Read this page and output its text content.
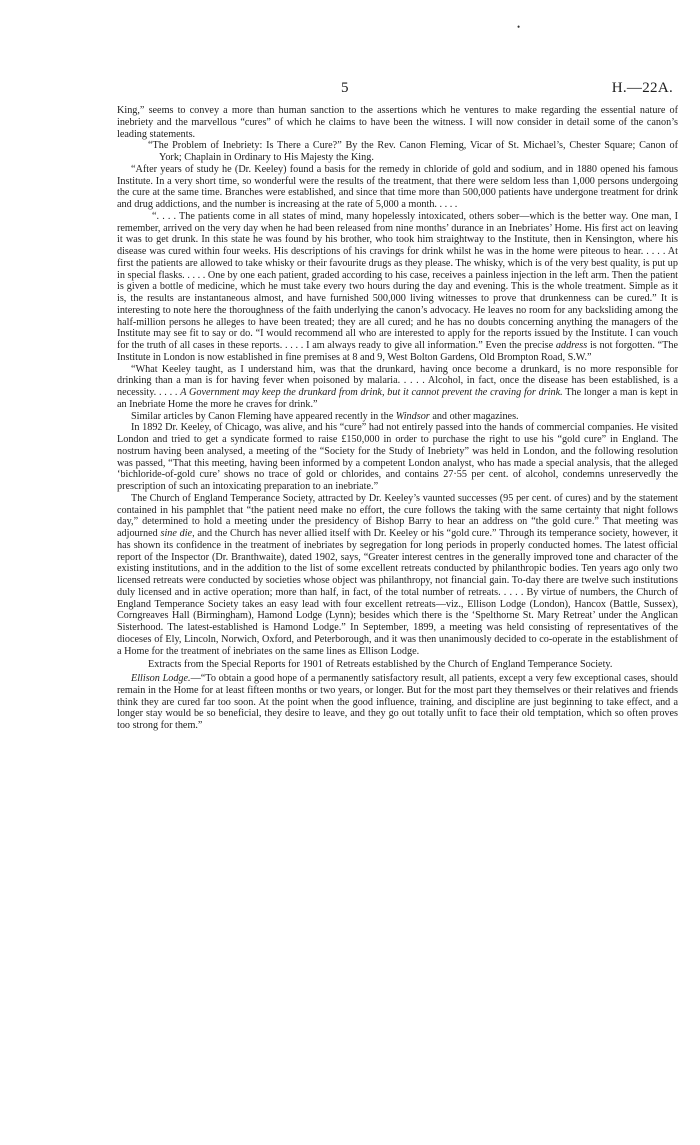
•
5	H.—22A.

King,” seems to convey a more than human sanction to the assertions which he ventures to make regarding the essential nature of inebriety and the marvellous “cures” of which he claims to have been the witness. I will now consider in detail some of the canon’s leading statements.

“The Problem of Inebriety: Is There a Cure?” By the Rev. Canon Fleming, Vicar of St. Michael’s, Chester Square; Canon of York; Chaplain in Ordinary to His Majesty the King.

“After years of study he (Dr. Keeley) found a basis for the remedy in chloride of gold and sodium, and in 1880 opened his famous Institute. In a very short time, so wonderful were the results of the treatment, that there were seldom less than 1,000 persons undergoing the cure at the same time. Branches were established, and since that time more than 500,000 patients have undergone treatment for drink and drug addictions, and the number is increasing at the rate of 5,000 a month. . . . .

“. . . . The patients come in all states of mind, many hopelessly intoxicated, others sober—which is the better way. One man, I remember, arrived on the very day when he had been released from nine months’ durance in an Inebriates’ Home. His first act on leaving it was to get drunk. In this state he was found by his brother, who took him straightway to the Institute, then in Kensington, where his disease was cured within four weeks. His descriptions of his cravings for drink whilst he was in the home were piteous to hear. . . . . At first the patients are allowed to take whisky or their favourite drugs as they please. The whisky, which is of the very best quality, is put up in special flasks. . . . . One by one each patient, graded according to his case, receives a painless injection in the left arm. Then the patient is given a bottle of medicine, which he must take every two hours during the day and evening. This is the whole treatment. Simple as it is, the results are instantaneous almost, and have furnished 500,000 living witnesses to prove that drunkenness can be cured.” It is interesting to note here the thoroughness of the faith underlying the canon’s advocacy. He leaves no room for any backsliding among the half-million persons he alleges to have been treated; they are all cured; and he has no doubts concerning anything the managers of the Institute may see fit to say or do. “I would recommend all who are interested to apply for the reports issued by the Institute. I can vouch for the truth of all cases in these reports. . . . . I am always ready to give all information.” Even the precise address is not forgotten. “The Institute in London is now established in fine premises at 8 and 9, West Bolton Gardens, Old Brompton Road, S.W.”

“What Keeley taught, as I understand him, was that the drunkard, having once become a drunkard, is no more responsible for drinking than a man is for having fever when poisoned by malaria. . . . . Alcohol, in fact, once the disease has been established, is a necessity. . . . . A Government may keep the drunkard from drink, but it cannot prevent the craving for drink. The longer a man is kept in an Inebriate Home the more he craves for drink.”

Similar articles by Canon Fleming have appeared recently in the Windsor and other magazines.

In 1892 Dr. Keeley, of Chicago, was alive, and his “cure” had not entirely passed into the hands of commercial companies. He visited London and tried to get a syndicate formed to raise £150,000 in order to purchase the right to use his “gold cure” in England. The nostrum having been analysed, a meeting of the “Society for the Study of Inebriety” was held in London, and the following resolution was passed, “That this meeting, having been informed by a competent London analyst, who has made a special analysis, that the alleged ‘bichloride-of-gold cure’ shows no trace of gold or chlorides, and contains 27·55 per cent. of alcohol, condemns unreservedly the prescription of such an intoxicating preparation to an inebriate.”

The Church of England Temperance Society, attracted by Dr. Keeley’s vaunted successes (95 per cent. of cures) and by the statement contained in his pamphlet that “the patient need make no effort, the cure follows the taking with the same certainty that night follows day,” determined to hold a meeting under the presidency of Bishop Barry to hear an address on “the gold cure.” That meeting was adjourned sine die, and the Church has never allied itself with Dr. Keeley or his “gold cure.” Through its temperance society, however, it has shown its confidence in the treatment of inebriates by segregation for long periods in properly conducted homes. The latest official report of the Inspector (Dr. Branthwaite), dated 1902, says, “Greater interest centres in the generally improved tone and character of the existing institutions, and in the addition to the list of some excellent retreats conducted by philanthropic bodies. Ten years ago only two licensed retreats were conducted by societies whose object was philanthropy, not financial gain. To-day there are twelve such institutions duly licensed and in active operation; more than half, in fact, of the total number of retreats. . . . . By virtue of numbers, the Church of England Temperance Society takes an easy lead with four excellent retreats—viz., Ellison Lodge (London), Hancox (Battle, Sussex), Corngreaves Hall (Birmingham), Hamond Lodge (Lynn); besides which there is the ‘Spelthorne St. Mary Retreat’ under the Anglican Sisterhood. The latest-established is Hamond Lodge.” In September, 1899, a meeting was held consisting of representatives of the dioceses of Ely, Lincoln, Norwich, Oxford, and Peterborough, and it was then unanimously decided to co-operate in the establishment of a Home for the treatment of inebriates on the same lines as Ellison Lodge.

Extracts from the Special Reports for 1901 of Retreats established by the Church of England Temperance Society.

Ellison Lodge.—“To obtain a good hope of a permanently satisfactory result, all patients, except a very few exceptional cases, should remain in the Home for at least fifteen months or two years, or longer. But for the most part they themselves or their relatives and friends think they are cured far too soon. At the point when the good influence, training, and discipline are just beginning to take effect, and a longer stay would be so beneficial, they desire to leave, and they go out totally unfit to face their old temptation, which so often proves too strong for them.”
